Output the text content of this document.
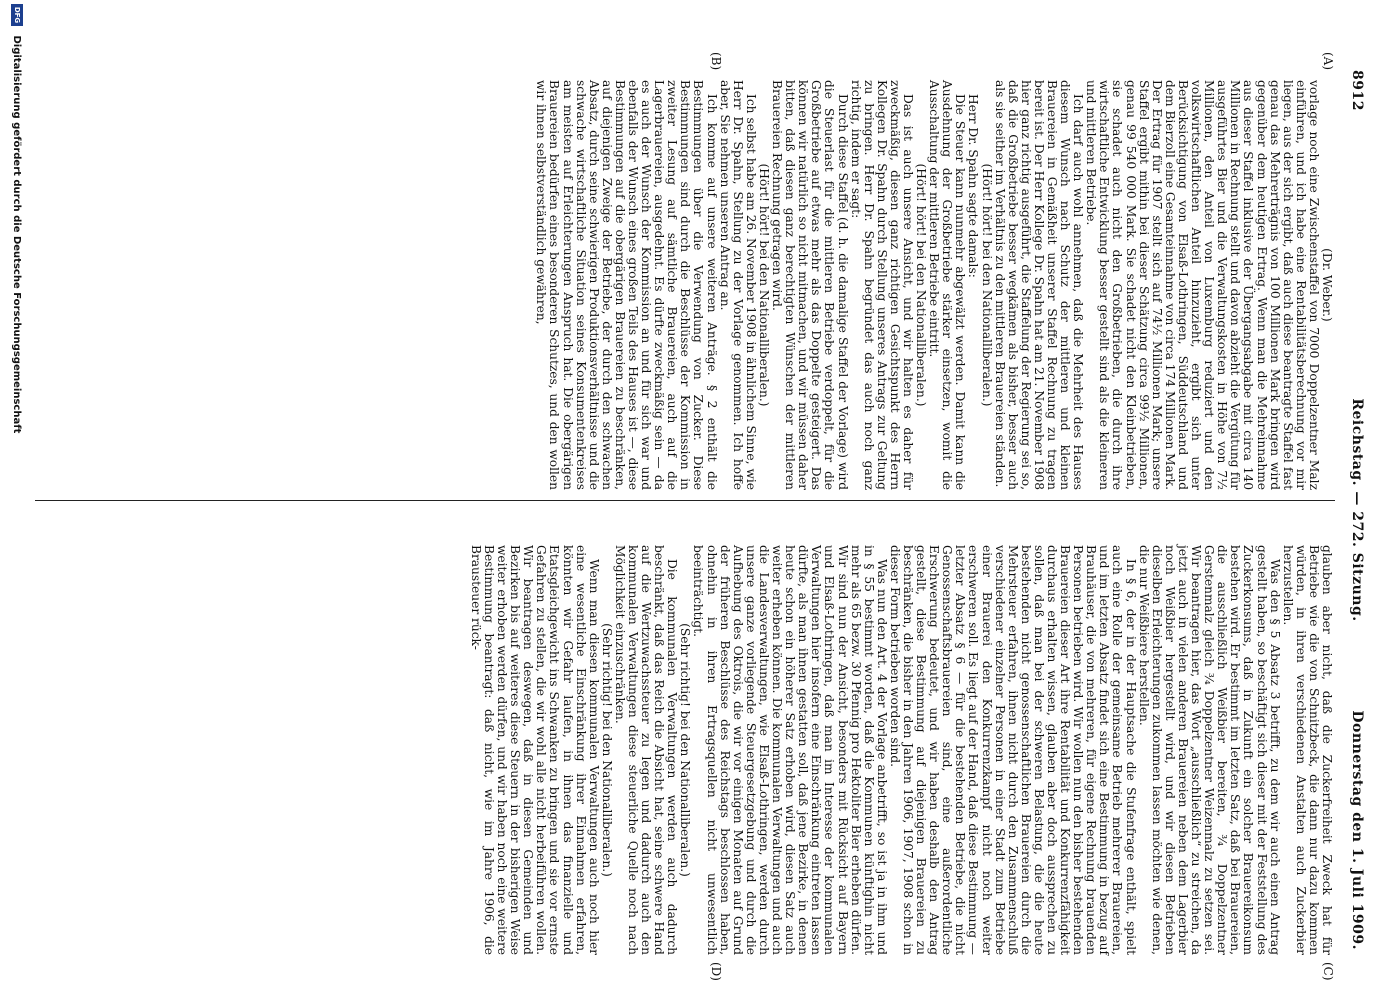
8912
Reichstag. — 272. Sitzung.
Donnerstag den 1. Juli 1909.
(A)
(B)
(C)
(D)

(Dr. Weber.)

vorlage noch eine Zwischenstaffel von 7000 Doppelzentner Malz einführen, und ich habe eine Rentabilitätsberechnung vor mir liegen, aus der sich ergibt, daß auch diese beantragte Staffel fast genau das Mehrerträgnis von 100 Millionen Mark bringen wird gegenüber dem heutigen Ertrag. Wenn man die Mehreinnahme aus dieser Staffel inklusive der Übergangsabgabe mit circa 140 Millionen in Rechnung stellt und davon abzieht die Vergütung für ausgeführtes Bier und die Verwaltungskosten in Höhe von 7½ Millionen, den Anteil von Luxemburg reduziert und den volkswirtschaftlichen Anteil hinzuzieht, ergibt sich unter Berücksichtigung von Elsaß-Lothringen, Süddeutschland und dem Bierzoll eine Gesamteinnahme von circa 174 Millionen Mark. Der Ertrag für 1907 stellt sich auf 74½ Millionen Mark; unsere Staffel ergibt mithin bei dieser Schätzung circa 99½ Millionen, genau 99 540 000 Mark. Sie schadet nicht den Kleinbetrieben, sie schadet auch nicht den Großbetrieben, die durch ihre wirtschaftliche Entwicklung besser gestellt sind als die kleineren und mittleren Betriebe.

Ich darf auch wohl annehmen, daß die Mehrheit des Hauses diesem Wunsch nach Schutz der mittleren und kleinen Brauereien in Gemäßheit unserer Staffel Rechnung zu tragen bereit ist. Der Herr Kollege Dr. Spahn hat am 21. November 1908 hier ganz richtig ausgeführt, die Staffelung der Regierung sei so, daß die Großbetriebe besser wegkämen als bisher, besser auch als sie seither im Verhältnis zu den mittleren Brauereien ständen.

(Hört! hört! bei den Nationalliberalen.)

Herr Dr. Spahn sagte damals:

Die Steuer kann nunmehr abgewälzt werden. Damit kann die Ausdehnung der Großbetriebe stärker einsetzen, womit die Ausschaltung der mittleren Betriebe eintritt.

(Hört! hört! bei den Nationalliberalen.)

Das ist auch unsere Ansicht, und wir halten es daher für zweckmäßig, diesen ganz richtigen Gesichtspunkt des Herrn Kollegen Dr. Spahn durch Stellung unseres Antrags zur Geltung zu bringen. Herr Dr. Spahn begründet das auch noch ganz richtig, indem er sagt:

Durch diese Staffel (d. h. die damalige Staffel der Vorlage) wird die Steuerlast für die mittleren Betriebe verdoppelt, für die Großbetriebe auf etwas mehr als das Doppelte gesteigert. Das können wir natürlich so nicht mitmachen, und wir müssen daher bitten, daß diesen ganz berechtigten Wünschen der mittleren Brauereien Rechnung getragen wird.

(Hört! hört! bei den Nationalliberalen.)

Ich selbst habe am 26. November 1908 in ähnlichem Sinne, wie Herr Dr. Spahn, Stellung zu der Vorlage genommen. Ich hoffe aber, Sie nehmen unseren Antrag an.

Ich komme auf unsere weiteren Anträge. § 2 enthält die Bestimmungen über die Verwendung von Zucker. Diese Bestimmungen sind durch die Beschlüsse der Kommission in zweiter Lesung auf sämtliche Brauereien, auch auf die Lagerbrauereien, ausgedehnt. Es dürfte zweckmäßig sein — da es auch der Wunsch der Kommission an und für sich war und ebenfalls der Wunsch eines großen Teils des Hauses ist —, diese Bestimmungen auf die obergärigen Brauereien zu beschränken, auf diejenigen Zweige der Betriebe, der durch den schwachen Absatz, durch seine schwierigen Produktionsverhältnisse und die schwache wirtschaftliche Situation seines Konsumentenkreises am meisten auf Erleichterungen Anspruch hat. Die obergärigen Brauereien bedürfen eines besonderen Schutzes, und den wollen wir ihnen selbstverständlich gewähren,

glauben aber nicht, daß die Zuckerfreiheit Zweck hat für Betriebe wie die von Schnitzbeck, die dann nur dazu kommen würden, in ihren verschiedenen Anstalten auch Zuckerbier herzustellen.

Was den § 5 Absatz 3 betrifft, zu dem wir auch einen Antrag gestellt haben, so beschäftigt sich dieser mit der Feststellung des Zuckerkonsums, daß in Zukunft ein solcher Brauereikonsum bestehen wird. Er bestimmt im letzten Satz, daß bei Brauereien, die ausschließlich Weißbier bereiten, ¾ Doppelzentner Gerstenmalz gleich ¾ Doppelzentner Weizenmalz zu setzen sei. Wir beantragen hier, das Wort „ausschließlich“ zu streichen, da jetzt auch in vielen anderen Brauereien neben dem Lagerbier noch Weißbier hergestellt wird, und wir diesen Betrieben dieselben Erleichterungen zukommen lassen möchten wie denen, die nur Weißbiere herstellen.

In § 6, der in der Hauptsache die Stufenfrage enthält, spielt auch eine Rolle der gemeinsame Betrieb mehrerer Brauereien, und im letzten Absatz findet sich eine Bestimmung in bezug auf Brauhäuser, die von mehreren, für eigene Rechnung brauenden Personen betrieben wird. Wir wollen nun den bisher bestehenden Brauereien dieser Art ihre Rentabilität und Konkurrenzfähigkeit durchaus erhalten wissen, glauben aber doch aussprechen zu sollen, daß man bei der schweren Belastung, die die heute bestehenden nicht genossenschaftlichen Brauereien durch die Mehrsteuer erfahren, ihnen nicht durch den Zusammenschluß verschiedener einzelner Personen in einer Stadt zum Betriebe einer Brauerei den Konkurrenzkampf nicht noch weiter erschweren soll. Es liegt auf der Hand, daß diese Bestimmung — letzter Absatz § 6 — für die bestehenden Betriebe, die nicht Genossenschaftsbrauereien sind, eine außerordentliche Erschwerung bedeutet, und wir haben deshalb den Antrag gestellt, diese Bestimmung auf diejenigen Brauereien zu beschränken, die bisher in den Jahren 1906, 1907, 1908 schon in dieser Form betrieben worden sind.

Was nun den Art. 4 der Vorlage anbetrifft, so ist ja in ihm und in § 55 bestimmt worden, daß die Kommunen künftighin nicht mehr als 65 bezw. 30 Pfennig pro Hektoliter Bier erheben dürfen. Wir sind nun der Ansicht, besonders mit Rücksicht auf Bayern und Elsaß-Lothringen, daß man im Interesse der kommunalen Verwaltungen hier insofern eine Einschränkung eintreten lassen dürfte, als man ihnen gestatten soll, daß jene Bezirke, in denen heute schon ein höherer Satz erhoben wird, diesen Satz auch weiter erheben können. Die kommunalen Verwaltungen und auch die Landesverwaltungen, wie Elsaß-Lothringen, werden durch unsere ganze vorliegende Steuergesetzgebung und durch die Aufhebung des Oktrois, die wir vor einigen Monaten auf Grund der früheren Beschlüsse des Reichstags beschlossen haben, ohnehin in ihren Ertragsquellen nicht unwesentlich beeinträchtigt.

(Sehr richtig! bei den Nationalliberalen.)

Die kommunalen Verwaltungen werden auch dadurch beschränkt, daß das Reich die Absicht hat, seine schwere Hand auf die Wertzuwachssteuer zu legen und dadurch auch den kommunalen Verwaltungen diese steuerliche Quelle noch nach Möglichkeit einzuschränken.

(Sehr richtig! bei den Nationalliberalen.)

Wenn man diesen kommunalen Verwaltungen auch noch hier eine wesentliche Einschränkung ihrer Einnahmen erfahren, könnten wir Gefahr laufen, in ihnen das finanzielle und Etatsgleichgewicht ins Schwanken zu bringen und sie vor ernste Gefahren zu stellen, die wir wohl alle nicht herbeiführen wollen. Wir beantragen deswegen, daß in diesen Gemeinden und Bezirken bis auf weiteres diese Steuern in der bisherigen Weise weiter erhoben werden dürfen, und wir haben noch eine weitere Bestimmung beantragt: daß nicht, wie im Jahre 1906, die Brausteuer rück-

DFG Digitalisierung gefördert durch die Deutsche Forschungsgemeinschaft
